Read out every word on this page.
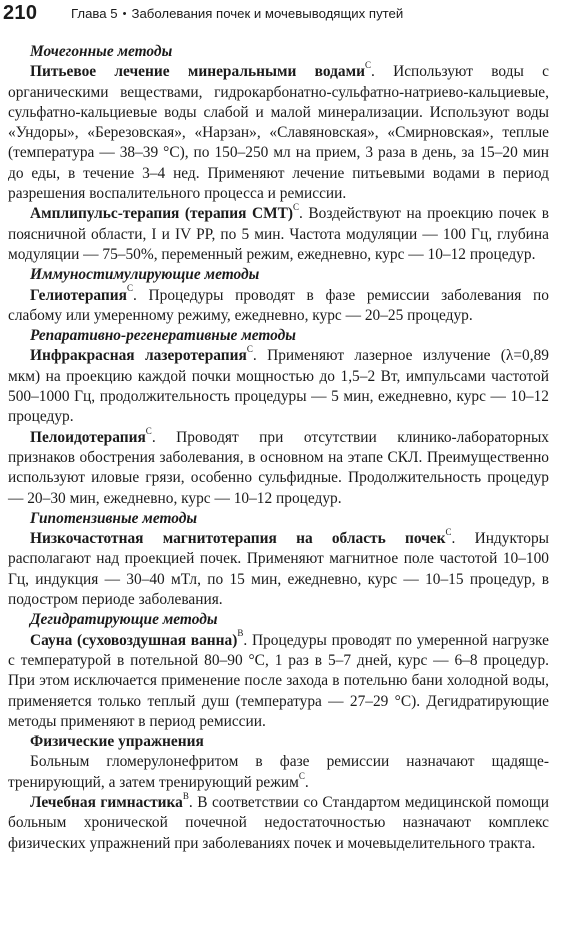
210	Глава 5 • Заболевания почек и мочевыводящих путей

Мочегонные методы

Питьевое лечение минеральными водами$^С$. Используют воды с органическими веществами, гидрокарбонатно-сульфатно-натриево-кальциевые, сульфатно-кальциевые воды слабой и малой минерализации. Используют воды «Ундоры», «Березовская», «Нарзан», «Славяновская», «Смирновская», теплые (температура — 38–39 °С), по 150–250 мл на прием, 3 раза в день, за 15–20 мин до еды, в течение 3–4 нед. Применяют лечение питьевыми водами в период разрешения воспалительного процесса и ремиссии.

Амплипульс-терапия (терапия СМТ)$^С$. Воздействуют на проекцию почек в поясничной области, I и IV PP, по 5 мин. Частота модуляции — 100 Гц, глубина модуляции — 75–50%, переменный режим, ежедневно, курс — 10–12 процедур.

Иммуностимулирующие методы

Гелиотерапия$^С$. Процедуры проводят в фазе ремиссии заболевания по слабому или умеренному режиму, ежедневно, курс — 20–25 процедур.

Репаративно-регенеративные методы

Инфракрасная лазеротерапия$^С$. Применяют лазерное излучение (λ=0,89 мкм) на проекцию каждой почки мощностью до 1,5–2 Вт, импульсами частотой 500–1000 Гц, продолжительность процедуры — 5 мин, ежедневно, курс — 10–12 процедур.

Пелоидотерапия$^С$. Проводят при отсутствии клинико-лабораторных признаков обострения заболевания, в основном на этапе СКЛ. Преимущественно используют иловые грязи, особенно сульфидные. Продолжительность процедур — 20–30 мин, ежедневно, курс — 10–12 процедур.

Гипотензивные методы

Низкочастотная магнитотерапия на область почек$^С$. Индукторы располагают над проекцией почек. Применяют магнитное поле частотой 10–100 Гц, индукция — 30–40 мТл, по 15 мин, ежедневно, курс — 10–15 процедур, в подостром периоде заболевания.

Дегидратирующие методы

Сауна (суховоздушная ванна)$^В$. Процедуры проводят по умеренной нагрузке с температурой в потельной 80–90 °С, 1 раз в 5–7 дней, курс — 6–8 процедур. При этом исключается применение после захода в потельню бани холодной воды, применяется только теплый душ (температура — 27–29 °С). Дегидратирующие методы применяют в период ремиссии.

Физические упражнения

Больным гломерулонефритом в фазе ремиссии назначают щадяще-тренирующий, а затем тренирующий режим$^С$.

Лечебная гимнастика$^В$. В соответствии со Стандартом медицинской помощи больным хронической почечной недостаточностью назначают комплекс физических упражнений при заболеваниях почек и мочевыделительного тракта.
